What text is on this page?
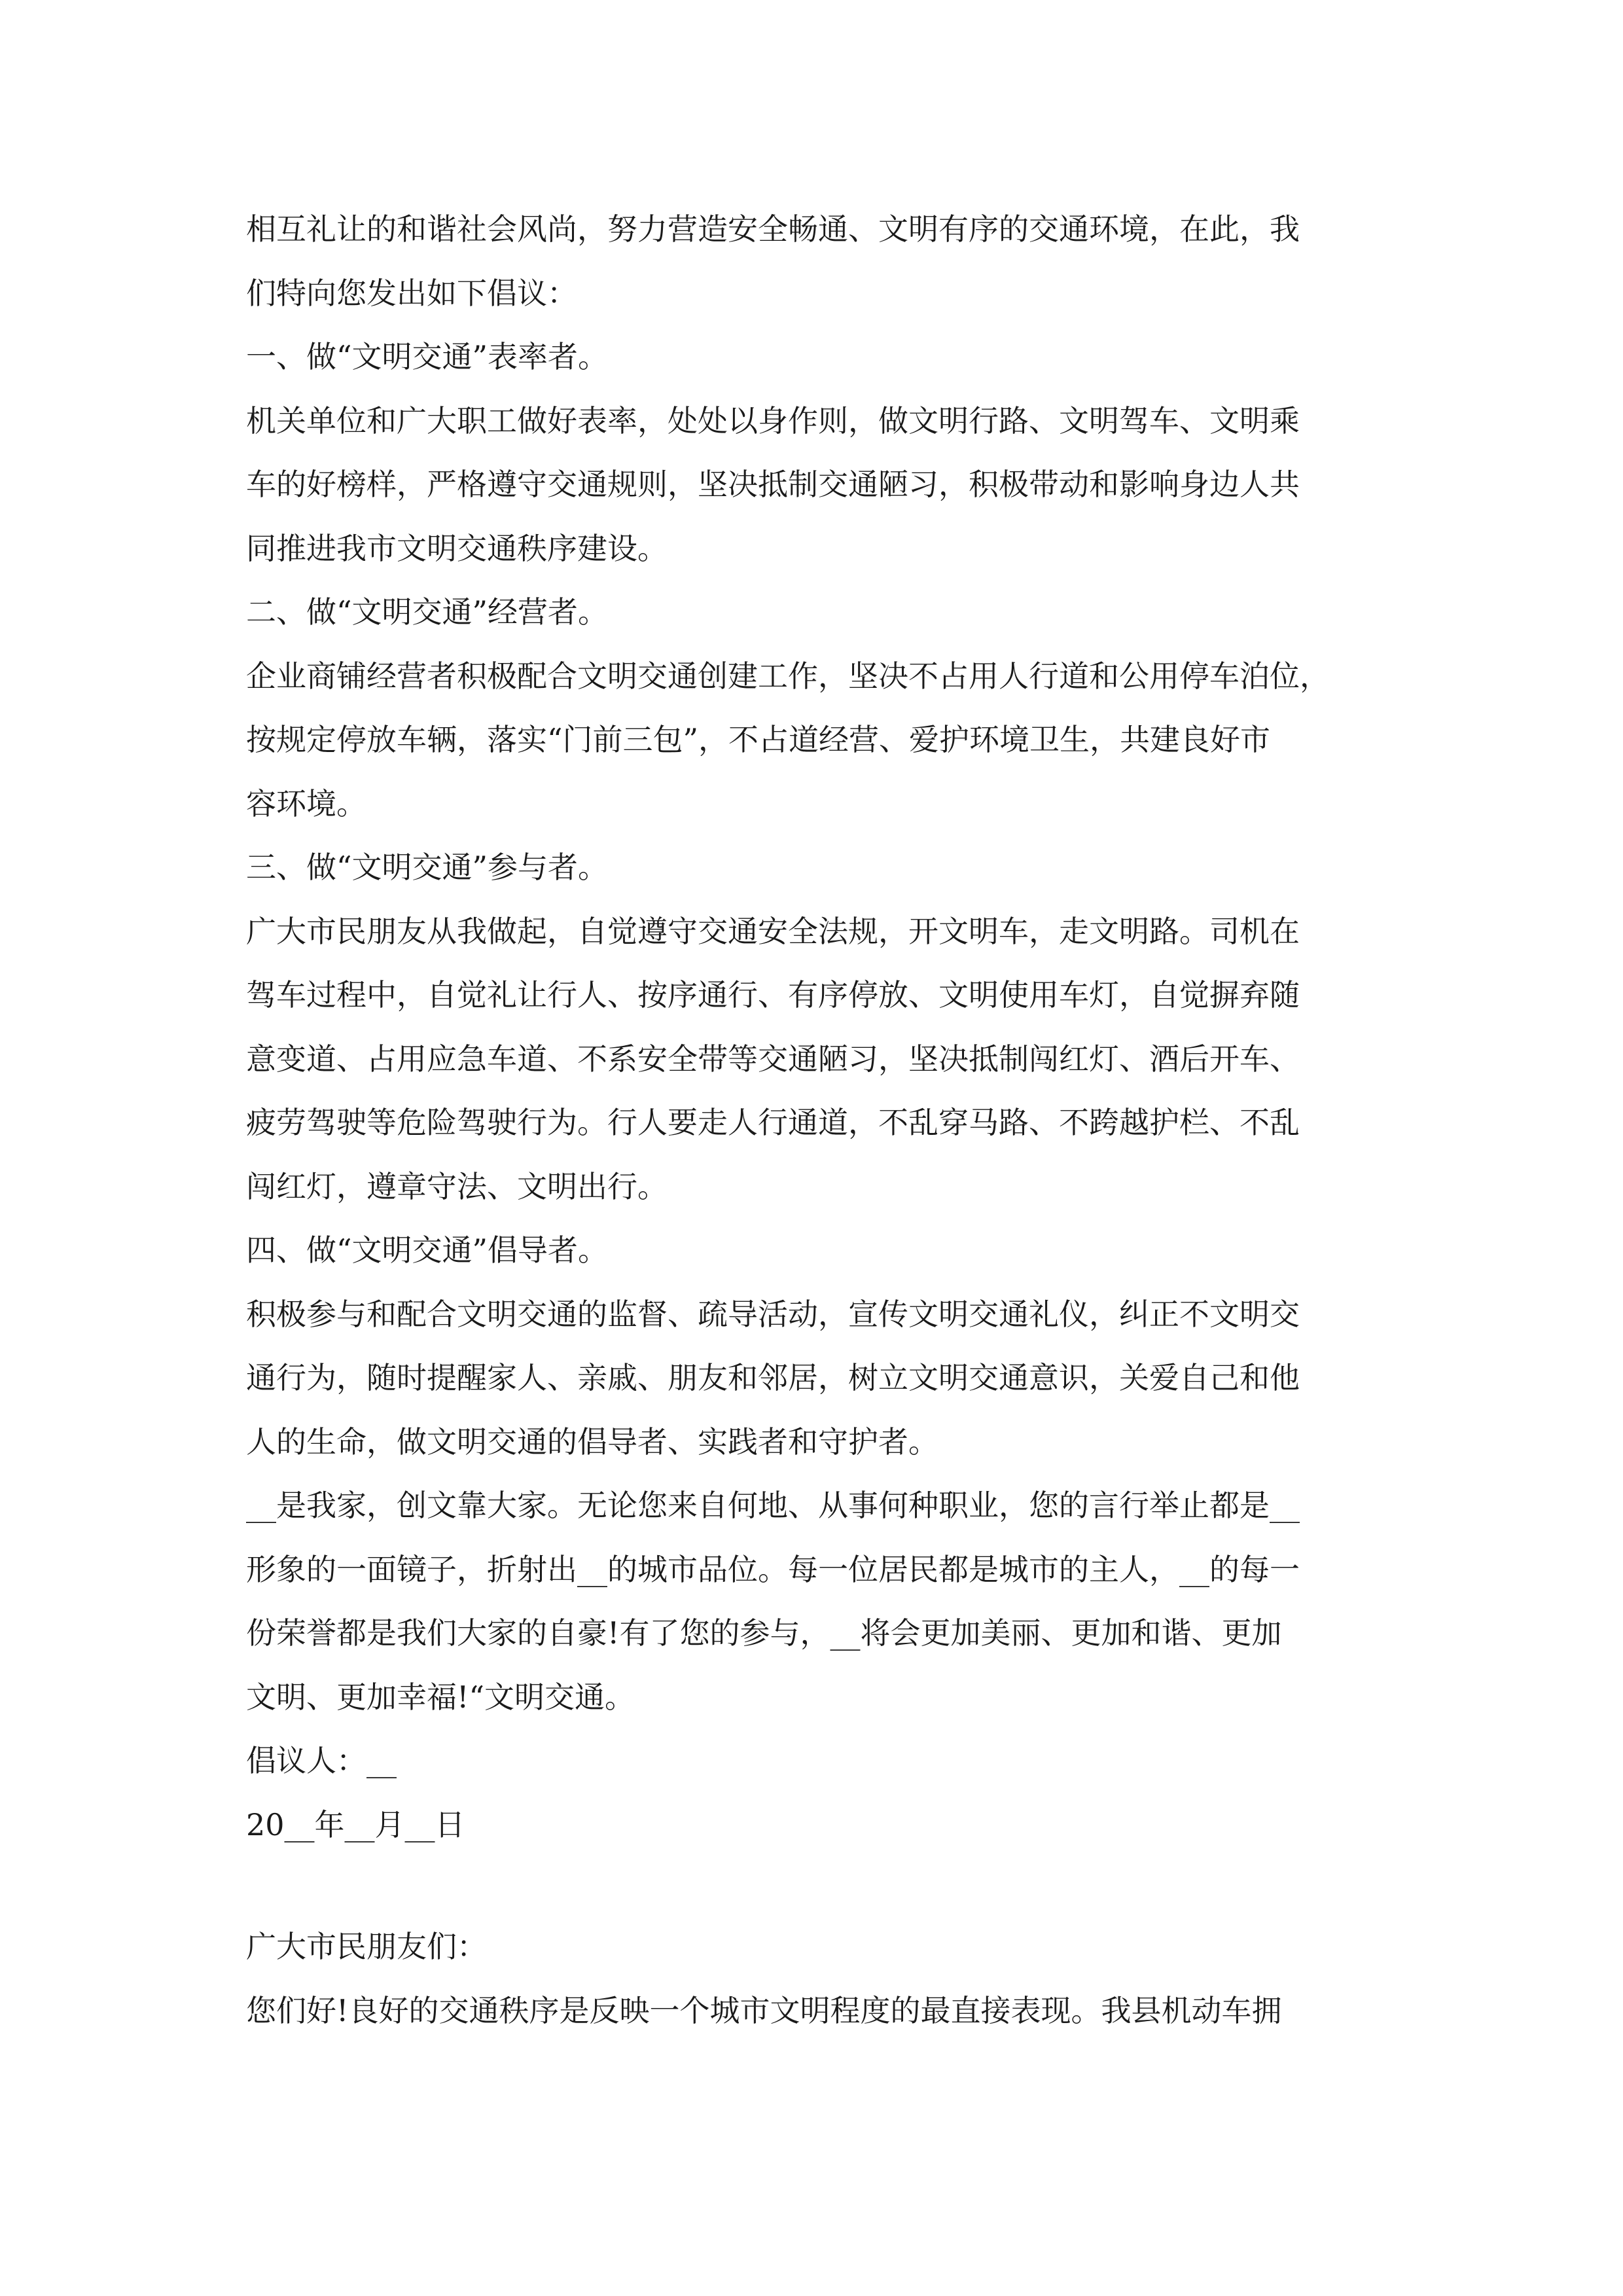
相互礼让的和谐社会风尚，努力营造安全畅通、文明有序的交通环境，在此，我
们特向您发出如下倡议：
一、做“文明交通”表率者。
机关单位和广大职工做好表率，处处以身作则，做文明行路、文明驾车、文明乘
车的好榜样，严格遵守交通规则，坚决抵制交通陋习，积极带动和影响身边人共
同推进我市文明交通秩序建设。
二、做“文明交通”经营者。
企业商铺经营者积极配合文明交通创建工作，坚决不占用人行道和公用停车泊位，
按规定停放车辆，落实“门前三包”，不占道经营、爱护环境卫生，共建良好市
容环境。
三、做“文明交通”参与者。
广大市民朋友从我做起，自觉遵守交通安全法规，开文明车，走文明路。司机在
驾车过程中，自觉礼让行人、按序通行、有序停放、文明使用车灯，自觉摒弃随
意变道、占用应急车道、不系安全带等交通陋习，坚决抵制闯红灯、酒后开车、
疲劳驾驶等危险驾驶行为。行人要走人行通道，不乱穿马路、不跨越护栏、不乱
闯红灯，遵章守法、文明出行。
四、做“文明交通”倡导者。
积极参与和配合文明交通的监督、疏导活动，宣传文明交通礼仪，纠正不文明交
通行为，随时提醒家人、亲戚、朋友和邻居，树立文明交通意识，关爱自己和他
人的生命，做文明交通的倡导者、实践者和守护者。
__是我家，创文靠大家。无论您来自何地、从事何种职业，您的言行举止都是__
形象的一面镜子，折射出__的城市品位。每一位居民都是城市的主人，__的每一
份荣誉都是我们大家的自豪!有了您的参与，__将会更加美丽、更加和谐、更加
文明、更加幸福!“文明交通。
倡议人：__
20__年__月__日
广大市民朋友们：
您们好!良好的交通秩序是反映一个城市文明程度的最直接表现。我县机动车拥
